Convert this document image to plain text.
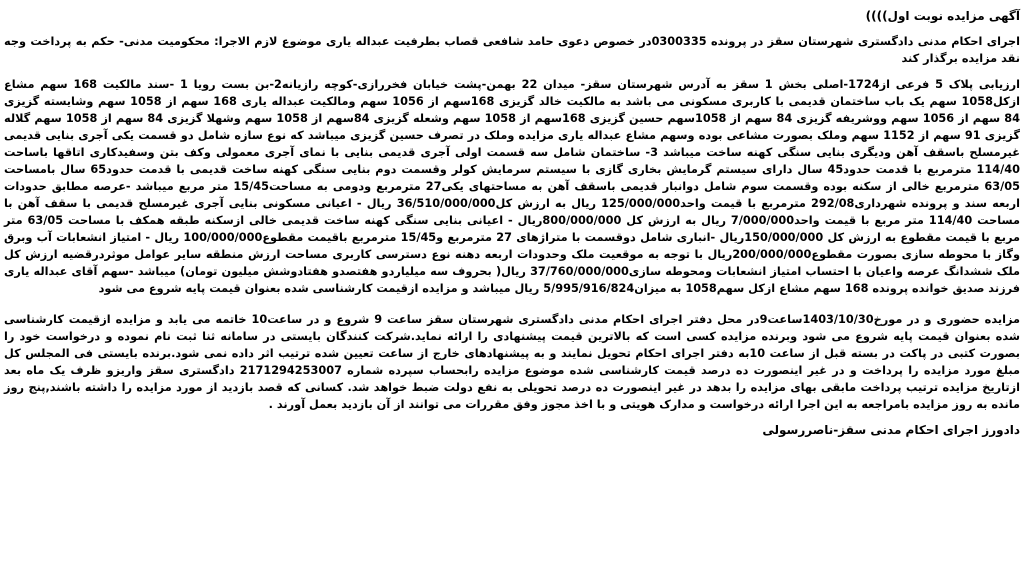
آگهی مزایده نوبت اول))))

اجرای احکام مدنی دادگستری شهرستان سقز در پرونده 0300335در خصوص دعوی حامد شافعی قصاب بطرفیت عبداله یاری موضوع لازم الاجرا: محکومیت مدنی- حکم به پرداخت وجه نقد مزایده برگذار کند

ارزیابی پلاک 5 فرعی از1724-اصلی بخش 1 سقز به آدرس شهرستان سقز- میدان 22 بهمن-پشت خیابان فخررازی-کوچه رازیانه2-بن بست رویا 1 -سند مالکیت 168 سهم مشاع ازکل1058 سهم یک باب ساختمان قدیمی با کاربری مسکونی می باشد به مالکیت خالد گزیزی 168سهم از 1056 سهم ومالکیت عبداله یاری 168 سهم از 1058 سهم وشایسته گزیزی 84 سهم از 1056 سهم ووشریفه گزیزی 84 سهم از 1058سهم حسین گزیزی 168سهم از 1058 سهم وشعله گزیزی 84سهم از 1058 سهم وشهلا گزیزی 84 سهم از 1058 سهم گلاله گزیزی 91 سهم از 1152 سهم وملک بصورت مشاعی بوده وسهم مشاع عبداله یاری مزایده وملک در تصرف حسین گزیزی میباشد که نوع سازه شامل دو قسمت یکی آجری بنایی قدیمی غیرمسلح باسقف آهن ودیگری بنایی سنگی کهنه ساخت میباشد 3- ساختمان شامل سه قسمت اولی آجری قدیمی بنایی با نمای آجری معمولی وکف بتن وسفیدکاری اتاقها باساحت 114/40 مترمربع با قدمت حدود45 سال دارای سیستم گرمایش بخاری گازی با سیستم سرمایش کولر وقسمت دوم بنایی سنگی کهنه ساخت قدیمی با قدمت حدود65 سال بامساحت 63/05 مترمربع خالی از سکنه بوده وقسمت سوم شامل دوانبار قدیمی باسقف آهن به مساحتهای یکی27 مترمربع ودومی به مساحت15/45 متر مربع میباشد -عرصه مطابق حدودات اربعه سند و پرونده شهرداری292/08 مترمربع با قیمت واحد125/000/000 ریال به ارزش کل36/510/000/000 ریال - اعیانی مسکونی بنایی آجری غیرمسلح قدیمی با سقف آهن با مساحت 114/40 متر مربع با قیمت واحد7/000/000 ریال به ارزش کل 800/000/000ریال - اعیانی بنایی سنگی کهنه ساخت قدیمی خالی ازسکنه طبقه همکف با مساحت 63/05 متر مربع با قیمت مقطوع به ارزش کل 150/000/000ریال -انباری شامل دوقسمت با متراژهای 27 مترمربع و15/45 مترمربع باقیمت مقطوع100/000/000 ریال - امتیاز انشعابات آب وبرق وگاز با محوطه سازی بصورت مقطوع200/000/000ریال با توجه به موقعیت ملک وحدودات اربعه دهنه نوع دسترسی کاربری مساحت ارزش منطقه سایر عوامل موثردرقضیه ارزش کل ملک ششدانگ عرصه واعیان با احتساب امتیاز انشعابات ومحوطه سازی37/760/000/000 ریال( بحروف سه میلیاردو هفتصدو هفتادوشش میلیون تومان) میباشد -سهم آقای عبداله یاری فرزند صدیق خوانده پرونده 168 سهم مشاع ازکل سهم1058 به میزان5/995/916/824 ریال میباشد و مزایده ازقیمت کارشناسی شده بعنوان قیمت پایه شروع می شود

مزایده حضوری و در مورخ1403/10/30ساعت9در محل دفتر اجرای احکام مدنی دادگستری شهرستان سقز ساعت 9 شروع و در ساعت10 خاتمه می یابد و مزایده ازقیمت کارشناسی شده بعنوان قیمت پایه شروع می شود وبرنده مزایده کسی است که بالاترین قیمت پیشنهادی را ارائه نماید.شرکت کنندگان بایستی در سامانه ثنا ثبت نام نموده و درخواست خود را بصورت کتبی در پاکت در بسته قبل از ساعت 10به دفتر اجرای احکام تحویل نمایند و به پیشنهادهای خارج از ساعت تعیین شده ترتیب اثر داده نمی شود.برنده بایستی فی المجلس کل مبلغ مورد مزایده را پرداخت و در غیر اینصورت ده درصد قیمت کارشناسی شده موضوع مزایده رابحساب سپرده شماره 2171294253007 دادگستری سقز واریزو ظرف یک ماه بعد ازتاریخ مزایده ترتیب پرداخت مابقی بهای مزایده را بدهد در غیر اینصورت ده درصد تحویلی به نفع دولت ضبط خواهد شد. کسانی که قصد بازدید از مورد مزایده را داشته باشند,پنج روز مانده به روز مزایده بامراجعه به این اجرا ارائه درخواست و مدارک هویتی و با اخذ مجوز وفق مقررات می توانند از آن بازدید بعمل آورند .

دادورز اجرای احکام مدنی سقز-ناصررسولی
